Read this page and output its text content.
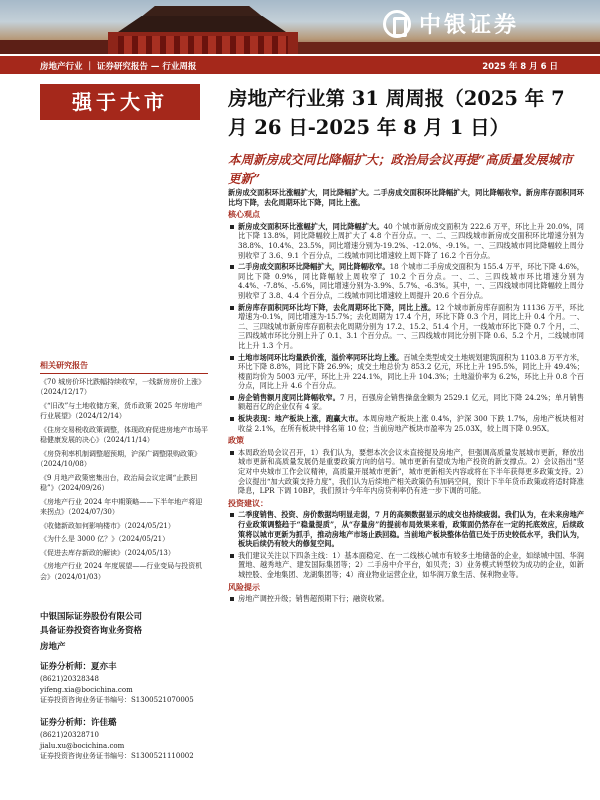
中银证券
房地产行业 ｜ 证券研究报告 — 行业周报	2025 年 8 月 6 日
强于大市	房地产行业第 31 周周报（2025 年 7 月 26 日-2025 年 8 月 1 日）
本周新房成交同比降幅扩大；政治局会议再提“高质量发展城市更新”

新房成交面积环比涨幅扩大，同比降幅扩大。二手房成交面积环比降幅扩大，同比降幅收窄。新房库存面积同环比均下降，去化周期环比下降，同比上涨。

核心观点

新房成交面积环比涨幅扩大，同比降幅扩大。40 个城市新房成交面积为 222.6 万平，环比上升 20.0%，同比下降 13.8%，同比降幅较上周扩大了 4.8 个百分点。一、二、三四线城市新房成交面积环比增速分别为 38.8%、10.4%、23.5%，同比增速分别为-19.2%、-12.0%、-9.1%。一、三四线城市同比降幅较上周分别收窄了 3.6、9.1 个百分点，二线城市同比增速较上周下降了 16.2 个百分点。

二手房成交面积环比降幅扩大，同比降幅收窄。18 个城市二手房成交面积为 155.4 万平，环比下降 4.6%，同比下降 0.9%，同比降幅较上周收窄了 10.2 个百分点。一、二、三四线城市环比增速分别为 4.4%、-7.8%、-5.6%，同比增速分别为-3.9%、5.7%、-6.3%。其中，一、三四线城市同比降幅较上周分别收窄了 3.8、4.4 个百分点，二线城市同比增速较上周提升 20.6 个百分点。

新房库存面积同环比均下降，去化周期环比下降，同比上涨。12 个城市新房库存面积为 11136 万平，环比增速为-0.1%，同比增速为-15.7%；去化周期为 17.4 个月，环比下降 0.3 个月，同比上升 0.4 个月。一、二、三四线城市新房库存面积去化周期分别为 17.2、15.2、51.4 个月，一线城市环比下降 0.7 个月，二、三四线城市环比分别上升了 0.1、3.1 个百分点。一、三四线城市同比分别下降 0.6、5.2 个月，二线城市同比上升 1.3 个月。

土地市场同环比均量跌价涨，溢价率同环比均上涨。百城全类型成交土地规划建筑面积为 1103.8 万平方米，环比下降 8.8%，同比下降 26.9%；成交土地总价为 853.2 亿元，环比上升 195.5%，同比上升 49.4%；楼面均价为 5003 元/平，环比上升 224.1%，同比上升 104.3%；土地溢价率为 6.2%，环比上升 0.8 个百分点，同比上升 4.6 个百分点。

房企销售额月度同比降幅收窄。7 月，百强房企销售操盘金额为 2529.1 亿元，同比下降 24.2%；单月销售额超百亿的企业仅有 4 家。

板块表现：地产板块上涨，跑赢大市。本周房地产板块上涨 0.4%，沪深 300 下跌 1.7%，房地产板块相对收益 2.1%，在所有板块中排名第 10 位；当前房地产板块市盈率为 25.03X，较上周下降 0.95X。

政策

本周政治局会议召开，1）我们认为，要想本次会议未直接提及房地产，但强调高质量发展城市更新，释放出城市更新和高质量发展仍是重要政策方向的信号。城市更新有望成为地产投资的新支撑点。2）会议指出“坚定对中央城市工作会议精神，高质量开展城市更新”，城市更新相关内容或将在下半年获得更多政策支持。2）会议提出“加大政策支持力度”，我们认为后续地产相关政策仍有加码空间，预计下半年货币政策或将适时降准降息，LPR 下调 10BP，我们预计今年年内房贷利率仍有进一步下调的可能。

投资建议：

二季度销售、投资、房价数据均明显走弱，7 月的高频数据显示的成交也持续疲弱。我们认为，在未来房地产行业政策调整趋于“稳量提质”，从“存量房”的提前布局效果来看，政策面仍然存在一定的托底效应，后续政策将以城市更新为抓手，推动房地产市场止跌回稳。当前地产板块整体估值已处于历史较低水平，我们认为，板块后续仍有较大的修复空间。

我们建议关注以下四条主线：1）基本面稳定、在一二线核心城市有较多土地储备的企业，如绿城中国、华润置地、越秀地产、建发国际集团等；2）二手房中介平台，如贝壳；3）业务模式转型较为成功的企业，如新城控股、金地集团、龙湖集团等；4）商业物业运营企业，如华润万象生活、保利物业等。

风险提示

房地产调控升级；销售超预期下行；融资收紧。

相关研究报告
《70 城房价环比跌幅持续收窄，一线新房房价上涨》（2024/12/17）
《“旧改”与土地收储方案，货币政策 2025 年房地产行业展望》（2024/12/14）
《住房交易税收政策调整，体现政府促进房地产市场平稳健康发展的决心》（2024/11/14）
《房贷利率机制调整超预期，沪深广调整限购政策》（2024/10/08）
《9 月地产政策密集出台，政治局会议定调“止跌回稳”》（2024/09/26）
《房地产行业 2024 年中期策略——下半年地产将迎来拐点》（2024/07/30）
《收储新政如何影响楼市》（2024/05/21）
《为什么是 3000 亿？》（2024/05/21）
《促进去库存新政的解读》（2024/05/13）
《房地产行业 2024 年度展望——行业变局与投资机会》（2024/01/03）
中银国际证券股份有限公司
具备证券投资咨询业务资格
房地产
证券分析师：夏亦丰
(8621)20328348
yifeng.xia@bocichina.com
证券投资咨询业务证书编号：S1300521070005
证券分析师：许佳璐
(8621)20328710
jialu.xu@bocichina.com
证券投资咨询业务证书编号：S1300521110002
